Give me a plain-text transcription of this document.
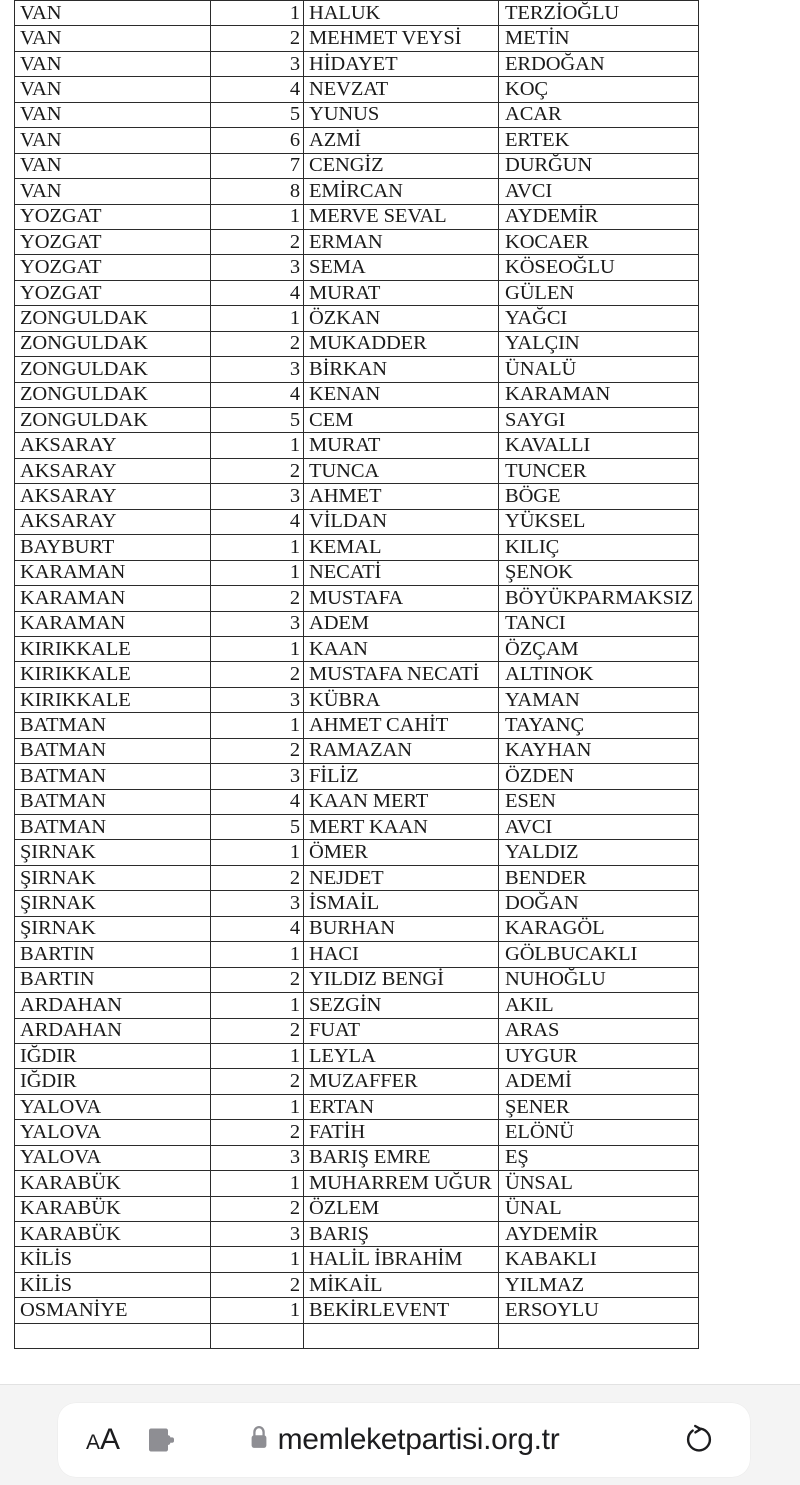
VAN	1	HALUK	TERZİOĞLU
VAN	2	MEHMET VEYSİ	METİN
VAN	3	HİDAYET	ERDOĞAN
VAN	4	NEVZAT	KOÇ
VAN	5	YUNUS	ACAR
VAN	6	AZMİ	ERTEK
VAN	7	CENGİZ	DURĞUN
VAN	8	EMİRCAN	AVCI
YOZGAT	1	MERVE SEVAL	AYDEMİR
YOZGAT	2	ERMAN	KOCAER
YOZGAT	3	SEMA	KÖSEOĞLU
YOZGAT	4	MURAT	GÜLEN
ZONGULDAK	1	ÖZKAN	YAĞCI
ZONGULDAK	2	MUKADDER	YALÇIN
ZONGULDAK	3	BİRKAN	ÜNALÜ
ZONGULDAK	4	KENAN	KARAMAN
ZONGULDAK	5	CEM	SAYGI
AKSARAY	1	MURAT	KAVALLI
AKSARAY	2	TUNCA	TUNCER
AKSARAY	3	AHMET	BÖGE
AKSARAY	4	VİLDAN	YÜKSEL
BAYBURT	1	KEMAL	KILIÇ
KARAMAN	1	NECATİ	ŞENOK
KARAMAN	2	MUSTAFA	BÖYÜKPARMAKSIZ
KARAMAN	3	ADEM	TANCI
KIRIKKALE	1	KAAN	ÖZÇAM
KIRIKKALE	2	MUSTAFA NECATİ	ALTINOK
KIRIKKALE	3	KÜBRA	YAMAN
BATMAN	1	AHMET CAHİT	TAYANÇ
BATMAN	2	RAMAZAN	KAYHAN
BATMAN	3	FİLİZ	ÖZDEN
BATMAN	4	KAAN MERT	ESEN
BATMAN	5	MERT KAAN	AVCI
ŞIRNAK	1	ÖMER	YALDIZ
ŞIRNAK	2	NEJDET	BENDER
ŞIRNAK	3	İSMAİL	DOĞAN
ŞIRNAK	4	BURHAN	KARAGÖL
BARTIN	1	HACI	GÖLBUCAKLI
BARTIN	2	YILDIZ BENGİ	NUHOĞLU
ARDAHAN	1	SEZGİN	AKIL
ARDAHAN	2	FUAT	ARAS
IĞDIR	1	LEYLA	UYGUR
IĞDIR	2	MUZAFFER	ADEMİ
YALOVA	1	ERTAN	ŞENER
YALOVA	2	FATİH	ELÖNÜ
YALOVA	3	BARIŞ EMRE	EŞ
KARABÜK	1	MUHARREM UĞUR	ÜNSAL
KARABÜK	2	ÖZLEM	ÜNAL
KARABÜK	3	BARIŞ	AYDEMİR
KİLİS	1	HALİL İBRAHİM	KABAKLI
KİLİS	2	MİKAİL	YILMAZ
OSMANİYE	1	BEKİRLEVENT	ERSOYLU

A A	memleketpartisi.org.tr
